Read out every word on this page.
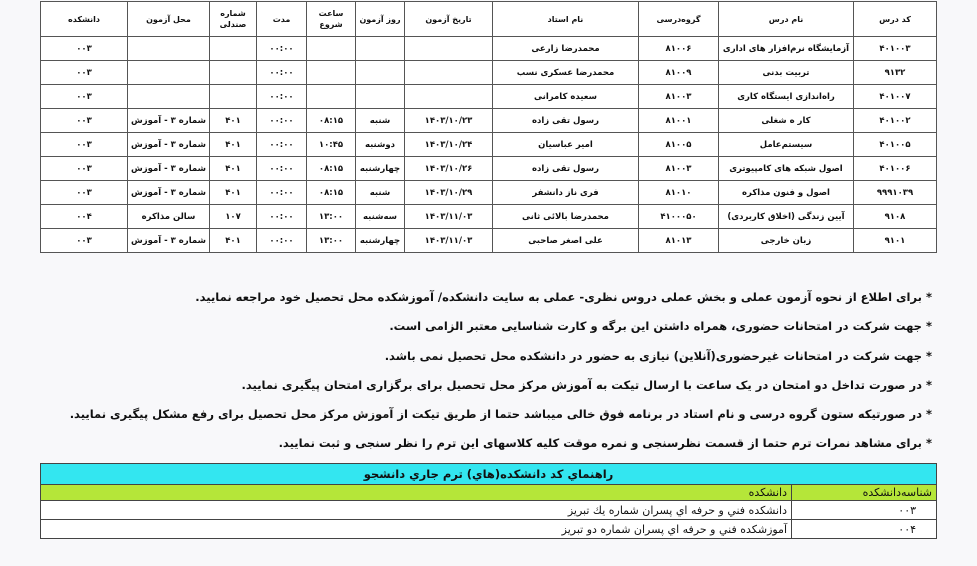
کد درس	نام درس	گروه‌درسی	نام استاد	تاریخ آزمون	روز آزمون	ساعت شروع	مدت	شماره صندلی	محل آزمون	دانشکده
۴۰۱۰۰۳	آزمایشگاه نرم‌افزار های اداری	۸۱۰۰۶	محمدرضا زارعی				۰۰:۰۰			۰۰۳
۹۱۳۲	تربیت بدنی	۸۱۰۰۹	محمدرضا عسکری نسب				۰۰:۰۰			۰۰۳
۴۰۱۰۰۷	راه‌اندازی ایستگاه کاری	۸۱۰۰۳	سعیده کامرانی				۰۰:۰۰			۰۰۳
۴۰۱۰۰۲	کار ‌‌ه‌ شغلی	۸۱۰۰۱	رسول تقی زاده	۱۴۰۳/۱۰/۲۳	شنبه	۰۸:۱۵	۰۰:۰۰	۴۰۱	شماره ۳ - آموزش	۰۰۳
۴۰۱۰۰۵	سیستم‌عامل	۸۱۰۰۵	امیر عباسیان	۱۴۰۳/۱۰/۲۴	دوشنبه	۱۰:۴۵	۰۰:۰۰	۴۰۱	شماره ۳ - آموزش	۰۰۳
۴۰۱۰۰۶	اصول شبکه های کامپیوتری	۸۱۰۰۳	رسول تقی زاده	۱۴۰۳/۱۰/۲۶	چهارشنبه	۰۸:۱۵	۰۰:۰۰	۴۰۱	شماره ۳ - آموزش	۰۰۳
۹۹۹۱۰۳۹	اصول و فنون مذاکره	۸۱۰۱۰	فری ناز دانشفر	۱۴۰۳/۱۰/۲۹	شنبه	۰۸:۱۵	۰۰:۰۰	۴۰۱	شماره ۳ - آموزش	۰۰۳
۹۱۰۸	آیین زندگی (اخلاق کاربردی)	۴۱۰۰۰۵۰	محمدرضا بالائی ثانی	۱۴۰۳/۱۱/۰۳	سه‌شنبه	۱۳:۰۰	۰۰:۰۰	۱۰۷	سالن مذاکره	۰۰۴
۹۱۰۱	زبان خارجی	۸۱۰۱۳	علی اصغر صاحبی	۱۴۰۳/۱۱/۰۳	چهارشنبه	۱۳:۰۰	۰۰:۰۰	۴۰۱	شماره ۳ - آموزش	۰۰۳
* برای اطلاع از نحوه آزمون عملی و بخش عملی دروس نظری- عملی به سایت دانشکده/ آموزشکده محل تحصیل خود مراجعه نمایید.
* جهت شرکت در امتحانات حضوری، همراه داشتن این برگه و کارت شناسایی معتبر الزامی است.
* جهت شرکت در امتحانات غیرحضوری(آنلاین) نیازی به حضور در دانشکده محل تحصیل نمی باشد.
* در صورت تداخل دو امتحان در یک ساعت با ارسال تیکت به آموزش مرکز محل تحصیل برای برگزاری امتحان پیگیری نمایید.
* در صورتیکه ستون گروه درسی و نام استاد در برنامه فوق خالی میباشد حتما از طریق تیکت از آموزش مرکز محل تحصیل برای رفع مشکل پیگیری نمایید.
* برای مشاهد نمرات ترم حتما از قسمت نظرسنجی و نمره موقت کلیه کلاسهای این ترم را نظر سنجی و ثبت نمایید.
راهنماي کد دانشکده(هاي) ترم جاري دانشجو	
شناسه‌دانشکده	دانشکده
۰۰۳	دانشکده فني و حرفه اي پسران شماره يك تبريز
۰۰۴	آموزشکده فني و حرفه اي پسران شماره دو تبريز
